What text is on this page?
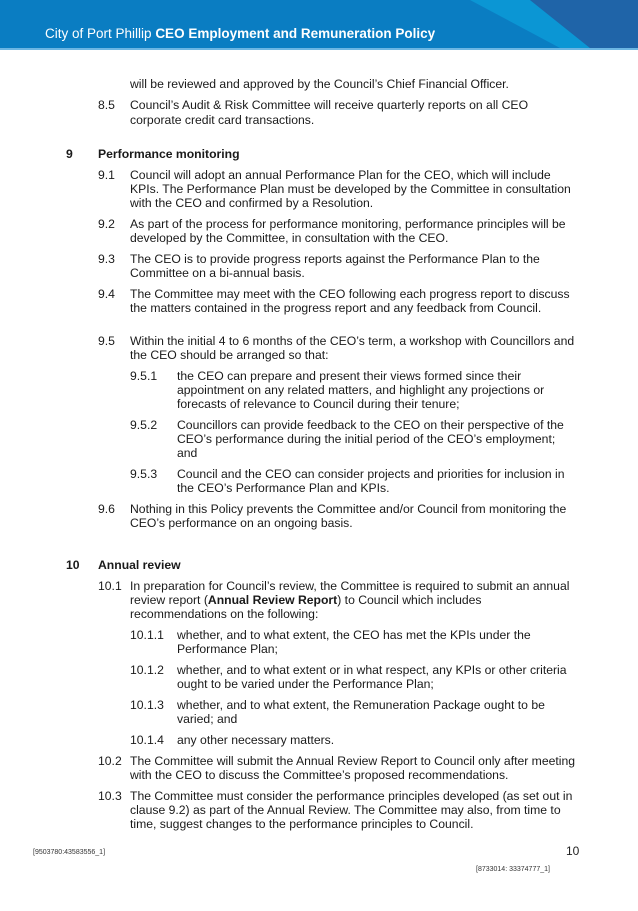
City of Port Phillip CEO Employment and Remuneration Policy
will be reviewed and approved by the Council’s Chief Financial Officer.
8.5 Council’s Audit & Risk Committee will receive quarterly reports on all CEO
corporate credit card transactions.
9 Performance monitoring
9.1 Council will adopt an annual Performance Plan for the CEO, which will include
KPIs. The Performance Plan must be developed by the Committee in consultation
with the CEO and confirmed by a Resolution.
9.2 As part of the process for performance monitoring, performance principles will be
developed by the Committee, in consultation with the CEO.
9.3 The CEO is to provide progress reports against the Performance Plan to the
Committee on a bi-annual basis.
9.4 The Committee may meet with the CEO following each progress report to discuss
the matters contained in the progress report and any feedback from Council.
9.5 Within the initial 4 to 6 months of the CEO’s term, a workshop with Councillors and
the CEO should be arranged so that:
9.5.1 the CEO can prepare and present their views formed since their
appointment on any related matters, and highlight any projections or
forecasts of relevance to Council during their tenure;
9.5.2 Councillors can provide feedback to the CEO on their perspective of the
CEO’s performance during the initial period of the CEO’s employment;
and
9.5.3 Council and the CEO can consider projects and priorities for inclusion in
the CEO’s Performance Plan and KPIs.
9.6 Nothing in this Policy prevents the Committee and/or Council from monitoring the
CEO’s performance on an ongoing basis.
10 Annual review
10.1 In preparation for Council’s review, the Committee is required to submit an annual
review report (Annual Review Report) to Council which includes
recommendations on the following:
10.1.1 whether, and to what extent, the CEO has met the KPIs under the
Performance Plan;
10.1.2 whether, and to what extent or in what respect, any KPIs or other criteria
ought to be varied under the Performance Plan;
10.1.3 whether, and to what extent, the Remuneration Package ought to be
varied; and
10.1.4 any other necessary matters.
10.2 The Committee will submit the Annual Review Report to Council only after meeting
with the CEO to discuss the Committee’s proposed recommendations.
10.3 The Committee must consider the performance principles developed (as set out in
clause 9.2) as part of the Annual Review. The Committee may also, from time to
time, suggest changes to the performance principles to Council.
[9503780:43583556_1]	10
[8733014: 33374777_1]
